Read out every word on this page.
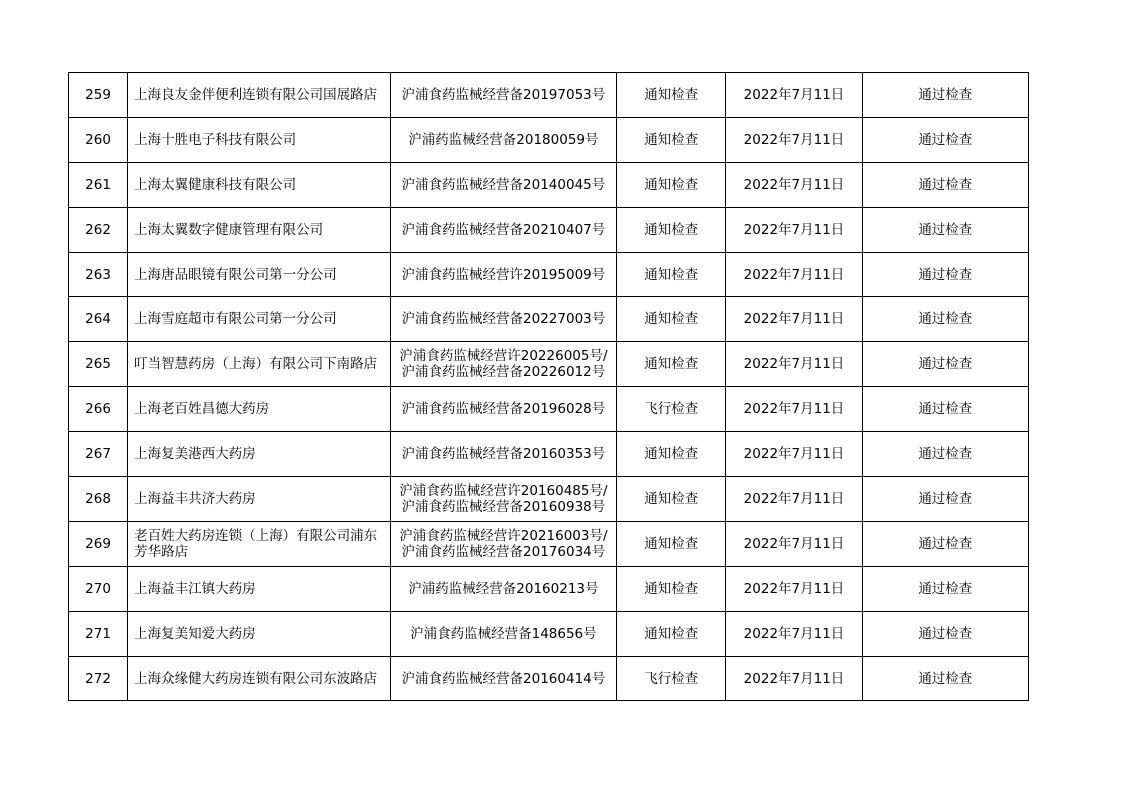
259	上海良友金伴便利连锁有限公司国展路店	沪浦食药监械经营备20197053号	通知检查	2022年7月11日	通过检查
260	上海十胜电子科技有限公司	沪浦药监械经营备20180059号	通知检查	2022年7月11日	通过检查
261	上海太翼健康科技有限公司	沪浦食药监械经营备20140045号	通知检查	2022年7月11日	通过检查
262	上海太翼数字健康管理有限公司	沪浦食药监械经营备20210407号	通知检查	2022年7月11日	通过检查
263	上海唐品眼镜有限公司第一分公司	沪浦食药监械经营许20195009号	通知检查	2022年7月11日	通过检查
264	上海雪庭超市有限公司第一分公司	沪浦食药监械经营备20227003号	通知检查	2022年7月11日	通过检查
265	叮当智慧药房（上海）有限公司下南路店	沪浦食药监械经营许20226005号/
沪浦食药监械经营备20226012号	通知检查	2022年7月11日	通过检查
266	上海老百姓昌德大药房	沪浦食药监械经营备20196028号	飞行检查	2022年7月11日	通过检查
267	上海复美港西大药房	沪浦食药监械经营备20160353号	通知检查	2022年7月11日	通过检查
268	上海益丰共济大药房	沪浦食药监械经营许20160485号/
沪浦食药监械经营备20160938号	通知检查	2022年7月11日	通过检查
269	老百姓大药房连锁（上海）有限公司浦东芳华路店	沪浦食药监械经营许20216003号/
沪浦食药监械经营备20176034号	通知检查	2022年7月11日	通过检查
270	上海益丰江镇大药房	沪浦药监械经营备20160213号	通知检查	2022年7月11日	通过检查
271	上海复美知爱大药房	沪浦食药监械经营备148656号	通知检查	2022年7月11日	通过检查
272	上海众缘健大药房连锁有限公司东波路店	沪浦食药监械经营备20160414号	飞行检查	2022年7月11日	通过检查
